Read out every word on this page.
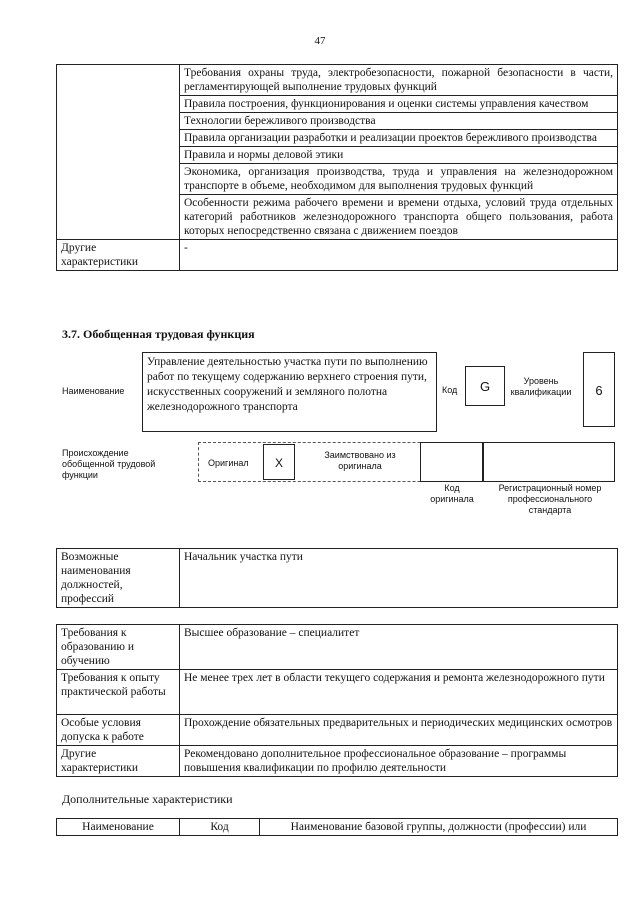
47
	Требования охраны труда, электробезопасности, пожарной безопасности в части, регламентирующей выполнение трудовых функций
	Правила построения, функционирования и оценки системы управления качеством
	Технологии бережливого производства
	Правила организации разработки и реализации проектов бережливого производства
	Правила и нормы деловой этики
	Экономика, организация производства, труда и управления на железнодорожном транспорте в объеме, необходимом для выполнения трудовых функций
	Особенности режима рабочего времени и времени отдыха, условий труда отдельных категорий работников железнодорожного транспорта общего пользования, работа которых непосредственно связана с движением поездов
Другие характеристики	-
3.7. Обобщенная трудовая функция
Наименование
Управление деятельностью участка пути по выполнению работ по текущему содержанию верхнего строения пути, искусственных сооружений и земляного полотна железнодорожного транспорта
Код	G	Уровень квалификации	6
Происхождение обобщенной трудовой функции
Оригинал	X
Заимствовано из оригинала
Код оригинала
Регистрационный номер профессионального стандарта
Возможные наименования должностей, профессий	Начальник участка пути
Требования к образованию и обучению	Высшее образование – специалитет
Требования к опыту практической работы	Не менее трех лет в области текущего содержания и ремонта железнодорожного пути
Особые условия допуска к работе	Прохождение обязательных предварительных и периодических медицинских осмотров
Другие характеристики	Рекомендовано дополнительное профессиональное образование – программы повышения квалификации по профилю деятельности
Дополнительные характеристики
Наименование	Код	Наименование базовой группы, должности (профессии) или
